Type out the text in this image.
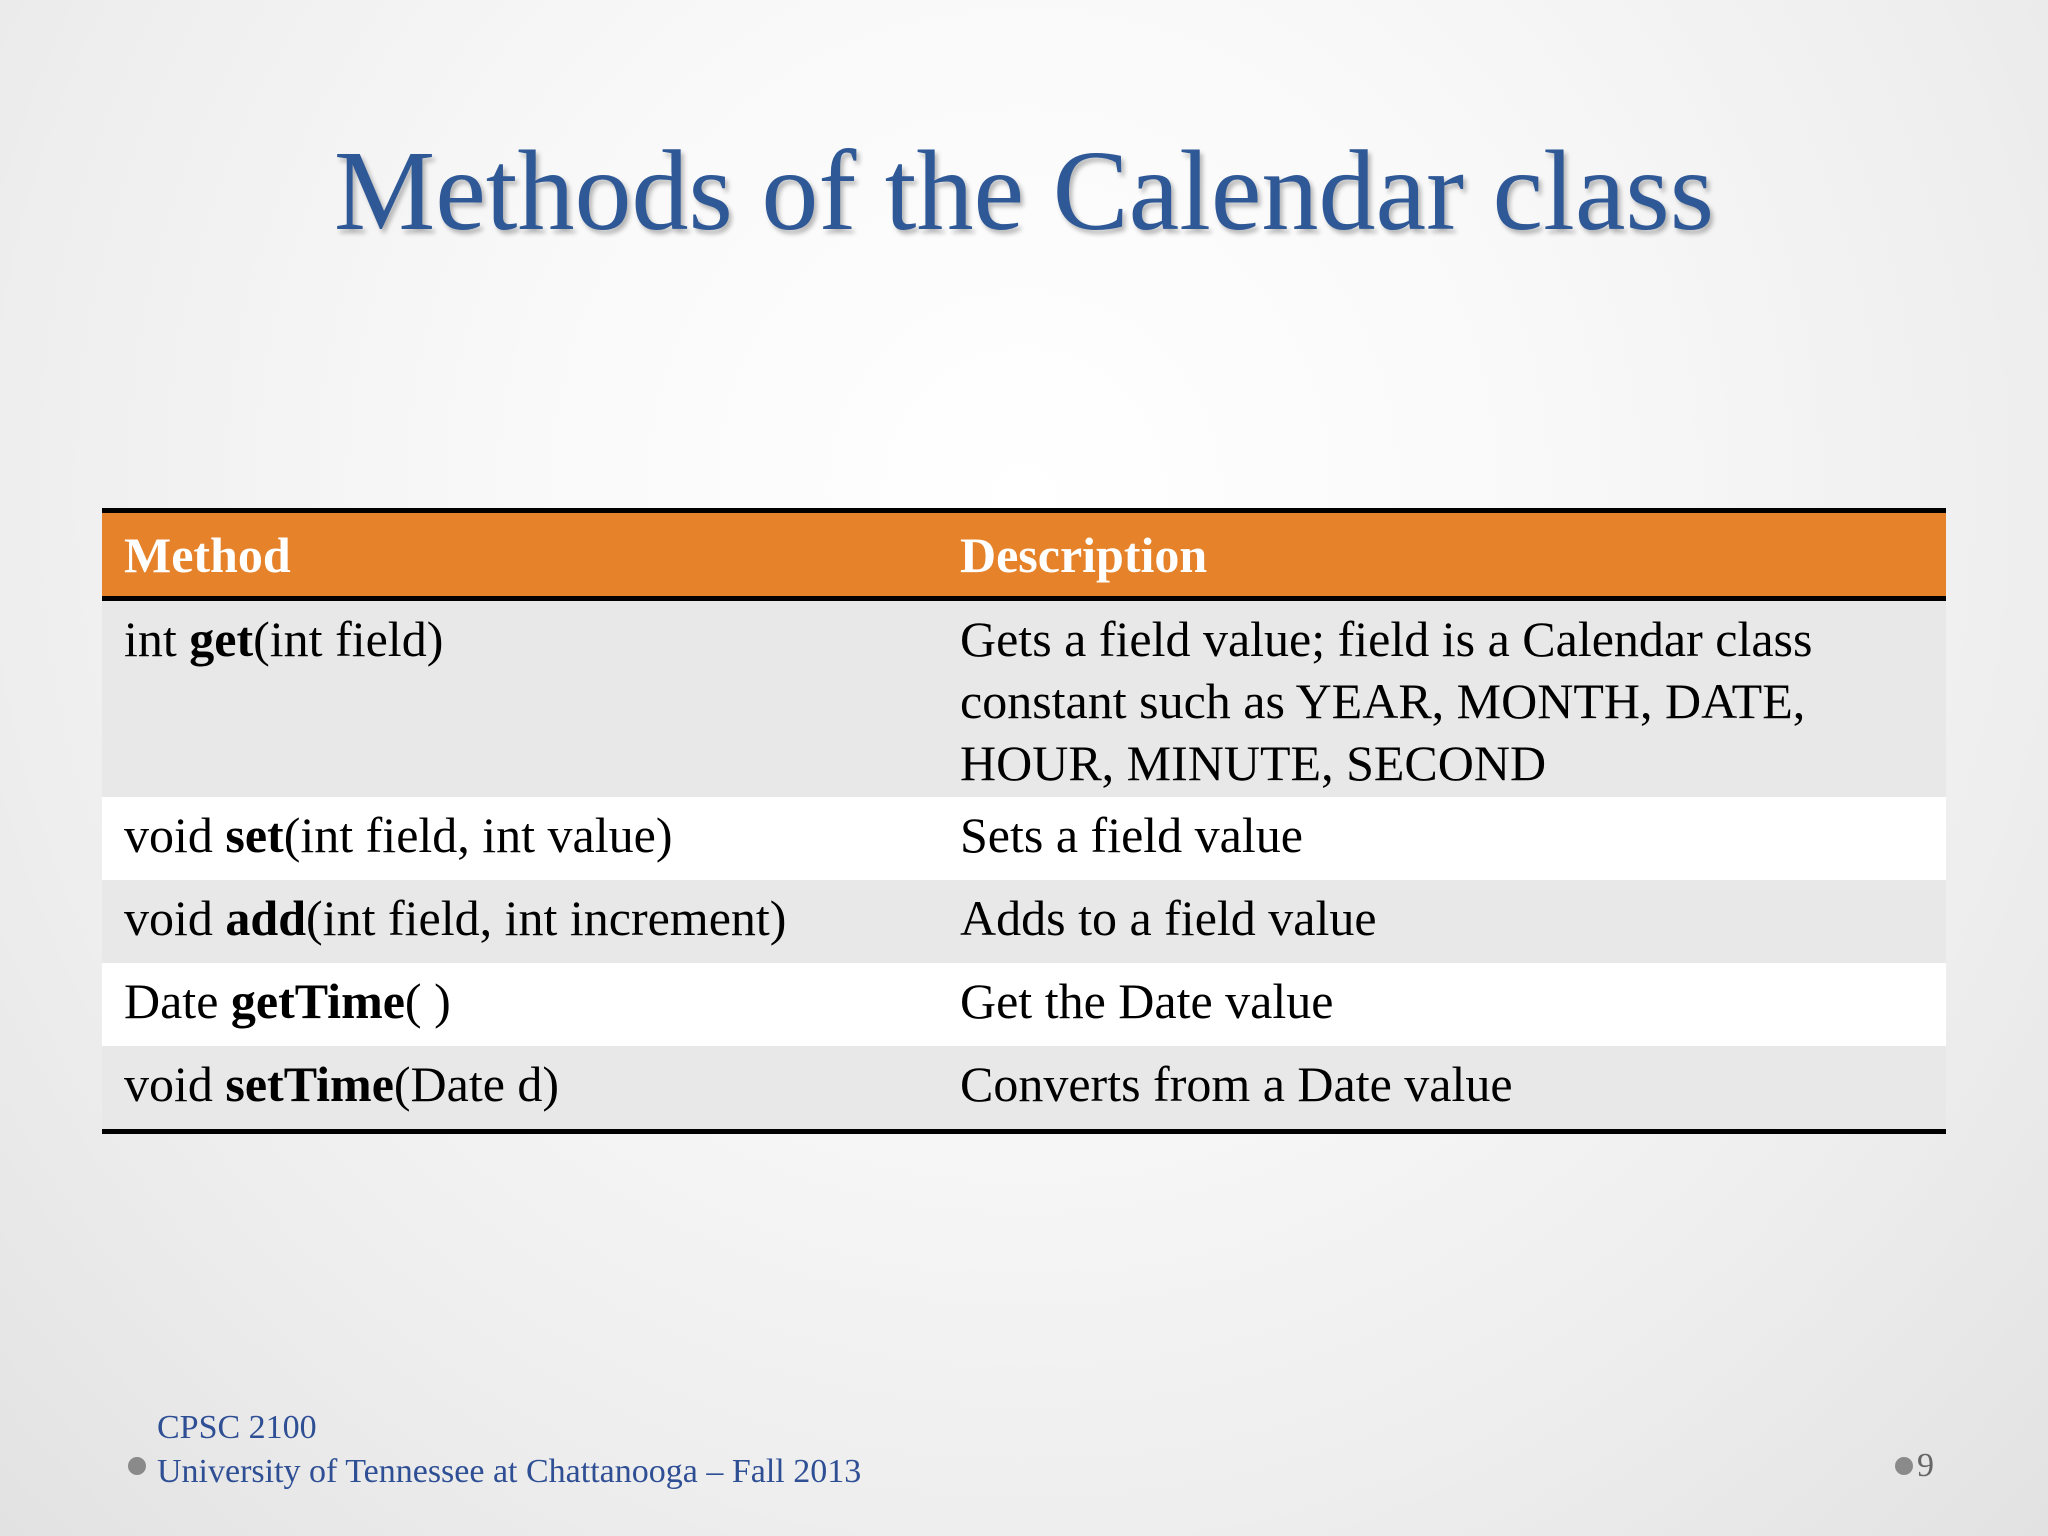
Methods of the Calendar class
Method	Description
int get(int field)	Gets a field value; field is a Calendar class constant such as YEAR, MONTH, DATE, HOUR, MINUTE, SECOND
void set(int field, int value)	Sets a field value
void add(int field, int increment)	Adds to a field value
Date getTime( )	Get the Date value
void setTime(Date d)	Converts from a Date value
CPSC 2100
University of Tennessee at Chattanooga – Fall 2013	9
